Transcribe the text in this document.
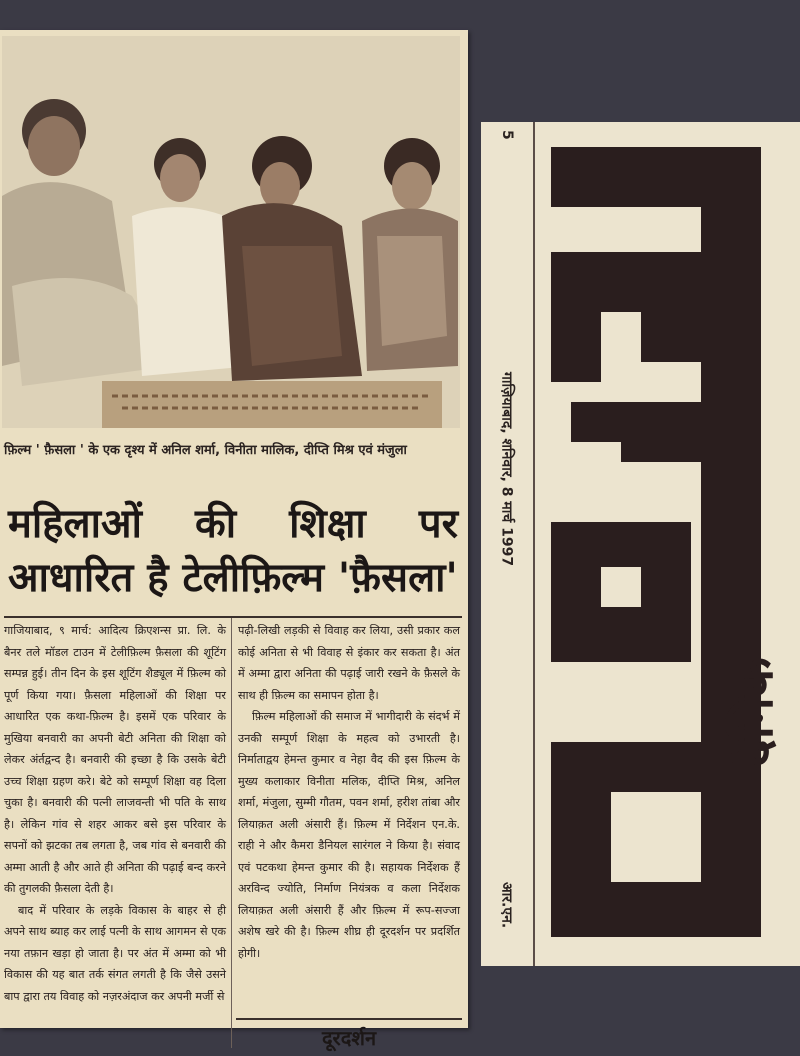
फ़िल्म ' फ़ैसला ' के एक दृश्य में अनिल शर्मा, विनीता मालिक, दीप्ति मिश्र एवं मंजुला
महिलाओं की शिक्षा पर
आधारित है टेलीफ़िल्म 'फ़ैसला'

गाजियाबाद, ९ मार्च: आदित्य क्रिएशन्स प्रा. लि. के बैनर तले मॉडल टाउन में टेलीफ़िल्म फ़ैसला की शूटिंग सम्पन्न हुई। तीन दिन के इस शूटिंग शैड्यूल में फ़िल्म को पूर्ण किया गया। फ़ैसला महिलाओं की शिक्षा पर आधारित एक कथा-फ़िल्म है। इसमें एक परिवार के मुखिया बनवारी का अपनी बेटी अनिता की शिक्षा को लेकर अंर्तद्वन्द है। बनवारी की इच्छा है कि उसके बेटी उच्च शिक्षा ग्रहण करे। बेटे को सम्पूर्ण शिक्षा वह दिला चुका है। बनवारी की पत्नी लाजवन्ती भी पति के साथ है। लेकिन गांव से शहर आकर बसे इस परिवार के सपनों को झटका तब लगता है, जब गांव से बनवारी की अम्मा आती है और आते ही अनिता की पढ़ाई बन्द करने की तुगलकी फ़ैसला देती है।

बाद में परिवार के लड़के विकास के बाहर से ही अपने साथ ब्याह कर लाई पत्नी के साथ आगमन से एक नया तफ़ान खड़ा हो जाता है। पर अंत में अम्मा को भी विकास की यह बात तर्क संगत लगती है कि जैसे उसने बाप द्वारा तय विवाह को नज़रअंदाज कर अपनी मर्जी से

पढ़ी-लिखी लड़की से विवाह कर लिया, उसी प्रकार कल कोई अनिता से भी विवाह से इंकार कर सकता है। अंत में अम्मा द्वारा अनिता की पढ़ाई जारी रखने के फ़ैसले के साथ ही फ़िल्म का समापन होता है।

फ़िल्म महिलाओं की समाज में भागीदारी के संदर्भ में उनकी सम्पूर्ण शिक्षा के महत्व को उभारती है। निर्माताद्वय हेमन्त कुमार व नेहा वैद की इस फ़िल्म के मुख्य कलाकार विनीता मलिक, दीप्ति मिश्र, अनिल शर्मा, मंजुला, सुम्मी गौतम, पवन शर्मा, हरीश तांबा और लियाक़त अली अंसारी हैं। फ़िल्म में निर्देशन एन.के. राही ने और कैमरा डैनियल सारंगल ने किया है। संवाद एवं पटकथा हेमन्त कुमार की है। सहायक निर्देशक हैं अरविन्द ज्योति, निर्माण नियंत्रक व कला निर्देशक लियाक़त अली अंसारी हैं और फ़िल्म में रूप-सज्जा अशेष खरे की है। फ़िल्म शीघ्र ही दूरदर्शन पर प्रदर्शित होगी।

दूरदर्शन
5
गाज़ियाबाद, शनिवार, 8 मार्च 1997
आर.एन.
दैनिक
